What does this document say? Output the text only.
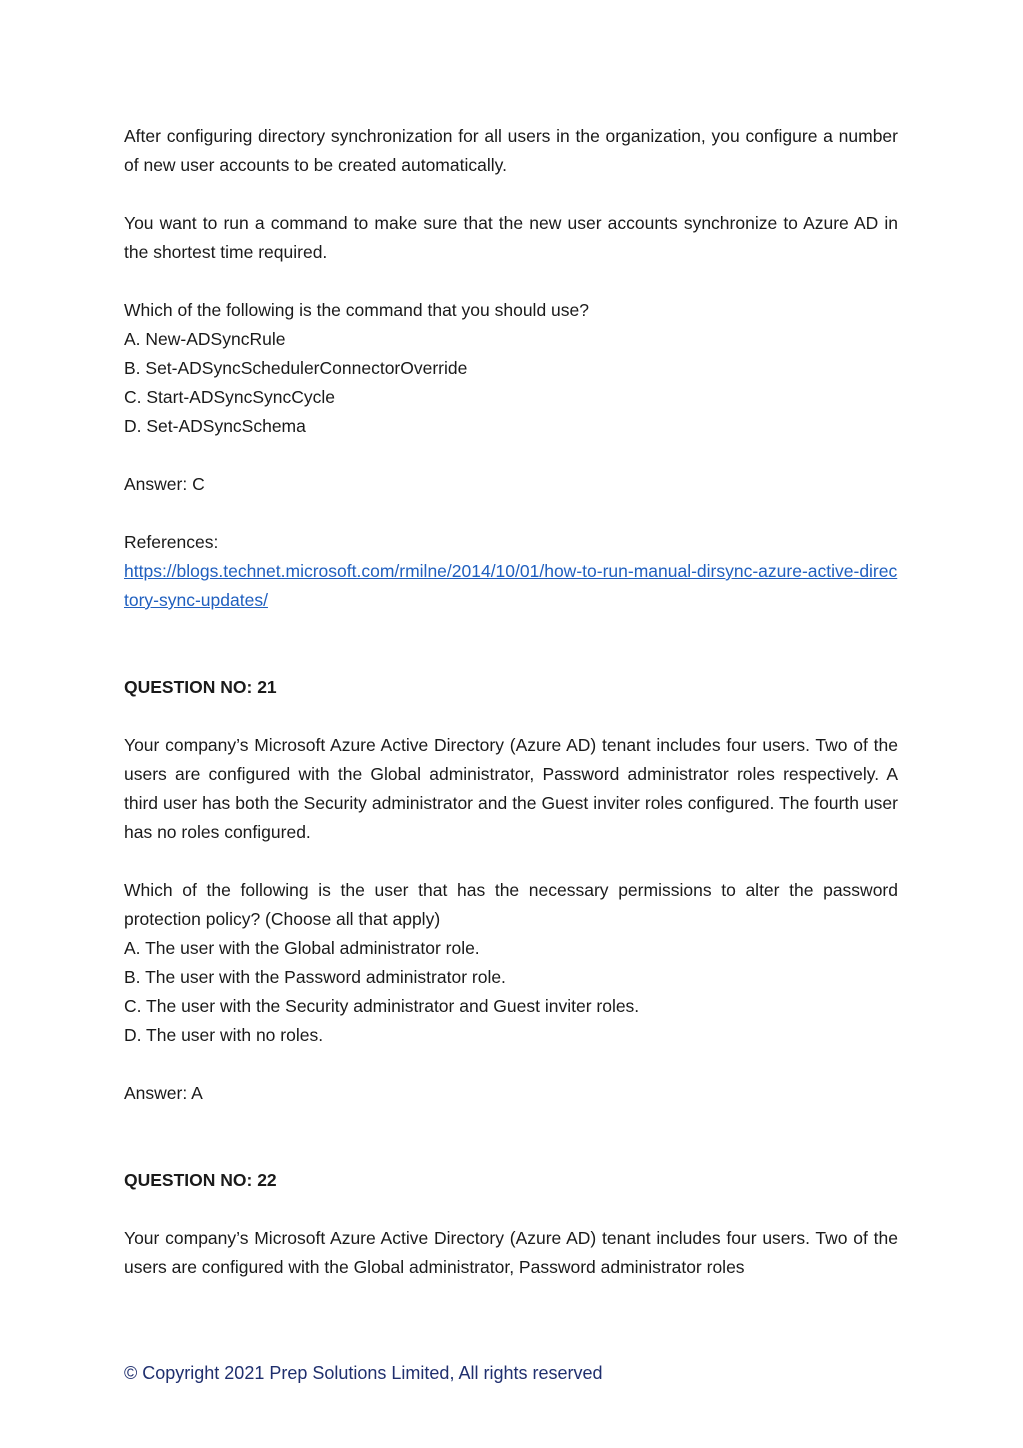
After configuring directory synchronization for all users in the organization, you configure a number of new user accounts to be created automatically.

You want to run a command to make sure that the new user accounts synchronize to Azure AD in the shortest time required.

Which of the following is the command that you should use?

A. New-ADSyncRule

B. Set-ADSyncSchedulerConnectorOverride

C. Start-ADSyncSyncCycle

D. Set-ADSyncSchema

Answer: C

References:

https://blogs.technet.microsoft.com/rmilne/2014/10/01/how-to-run-manual-dirsync-azure-active-directory-sync-updates/

QUESTION NO: 21

Your company’s Microsoft Azure Active Directory (Azure AD) tenant includes four users. Two of the users are configured with the Global administrator, Password administrator roles respectively. A third user has both the Security administrator and the Guest inviter roles configured. The fourth user has no roles configured.

Which of the following is the user that has the necessary permissions to alter the password protection policy? (Choose all that apply)

A. The user with the Global administrator role.

B. The user with the Password administrator role.

C. The user with the Security administrator and Guest inviter roles.

D. The user with no roles.

Answer: A

QUESTION NO: 22

Your company’s Microsoft Azure Active Directory (Azure AD) tenant includes four users. Two of the users are configured with the Global administrator, Password administrator roles

© Copyright 2021 Prep Solutions Limited, All rights reserved
